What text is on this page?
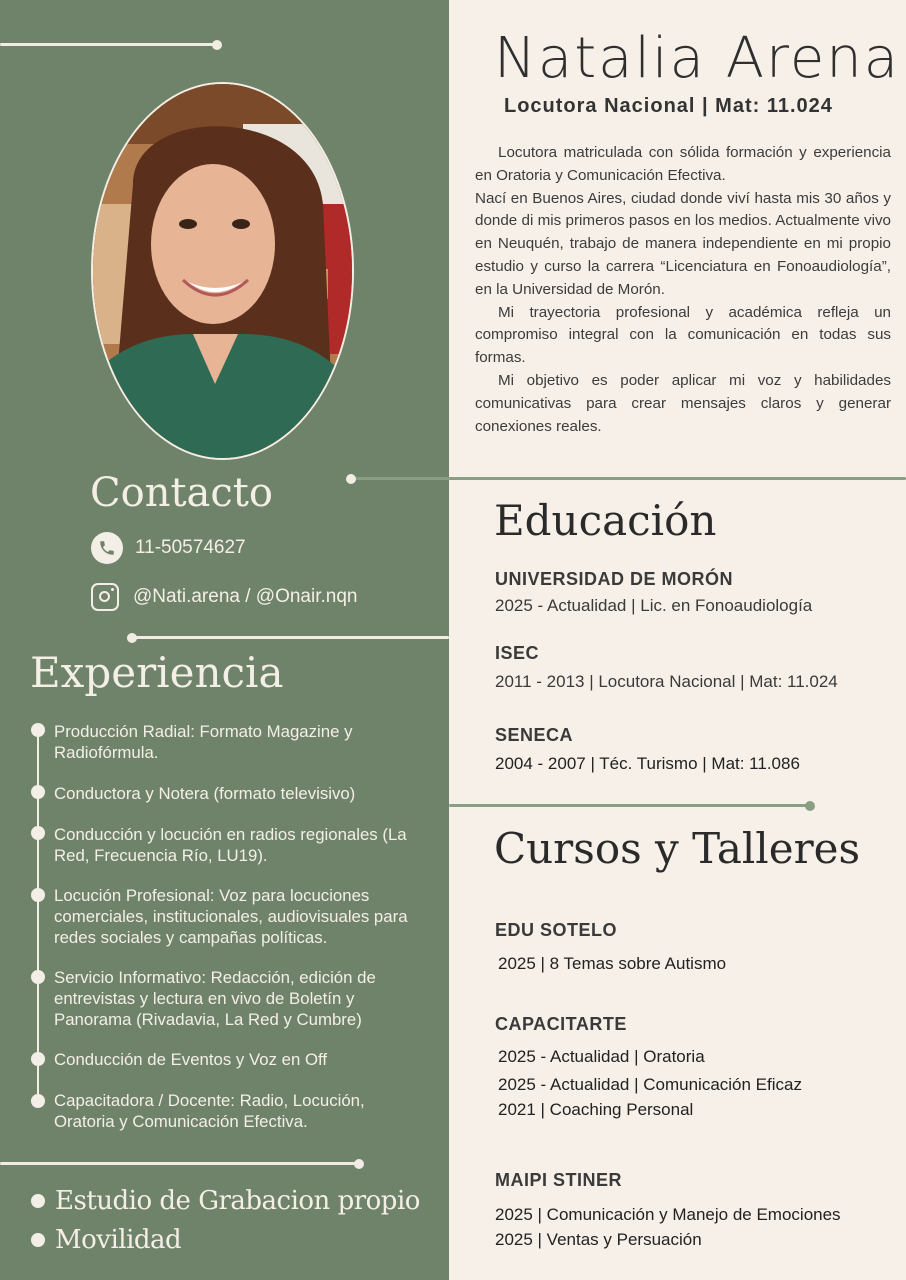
Natalia Arena
Locutora Nacional | Mat: 11.024

Locutora matriculada con sólida formación y experiencia en Oratoria y Comunicación Efectiva.

Nací en Buenos Aires, ciudad donde viví hasta mis 30 años y donde di mis primeros pasos en los medios. Actualmente vivo en Neuquén, trabajo de manera independiente en mi propio estudio y curso la carrera “Licenciatura en Fonoaudiología”, en la Universidad de Morón.

Mi trayectoria profesional y académica refleja un compromiso integral con la comunicación en todas sus formas.

Mi objetivo es poder aplicar mi voz y habilidades comunicativas para crear mensajes claros y generar conexiones reales.

Contacto
11-50574627
@Nati.arena / @Onair.nqn
Experiencia
Producción Radial: Formato Magazine y Radiofórmula.
Conductora y Notera (formato televisivo)
Conducción y locución en radios regionales (La Red, Frecuencia Río, LU19).
Locución Profesional: Voz para locuciones comerciales, institucionales, audiovisuales para redes sociales y campañas políticas.
Servicio Informativo: Redacción, edición de entrevistas y lectura en vivo de Boletín y Panorama (Rivadavia, La Red y Cumbre)
Conducción de Eventos y Voz en Off
Capacitadora / Docente: Radio, Locución, Oratoria y Comunicación Efectiva.
Estudio de Grabacion propio
Movilidad
Educación
UNIVERSIDAD DE MORÓN
2025 - Actualidad | Lic. en Fonoaudiología
ISEC
2011 - 2013 | Locutora Nacional | Mat: 11.024
SENECA
2004 - 2007 | Téc. Turismo | Mat: 11.086
Cursos y Talleres
EDU SOTELO
2025 | 8 Temas sobre Autismo
CAPACITARTE
2025 - Actualidad | Oratoria
2025 - Actualidad | Comunicación Eficaz
2021 | Coaching Personal
MAIPI STINER
2025 | Comunicación y Manejo de Emociones
2025 | Ventas y Persuación
